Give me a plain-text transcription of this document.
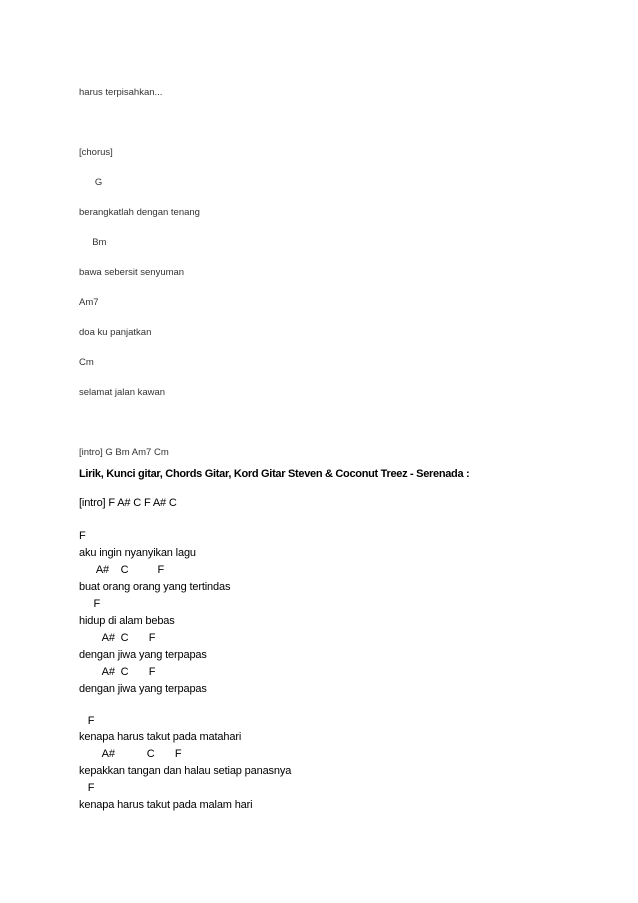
harus terpisahkan...

[chorus]

G

berangkatlah dengan tenang

Bm

bawa sebersit senyuman

Am7

doa ku panjatkan

Cm

selamat jalan kawan

[intro] G Bm Am7 Cm

Lirik, Kunci gitar, Chords Gitar, Kord Gitar Steven & Coconut Treez - Serenada :

[intro] F A# C F A# C

F

aku ingin nyanyikan lagu

A#    C          F

buat orang orang yang tertindas

F

hidup di alam bebas

A#  C       F

dengan jiwa yang terpapas

A#  C       F

dengan jiwa yang terpapas

F

kenapa harus takut pada matahari

A#           C       F

kepakkan tangan dan halau setiap panasnya

F

kenapa harus takut pada malam hari
